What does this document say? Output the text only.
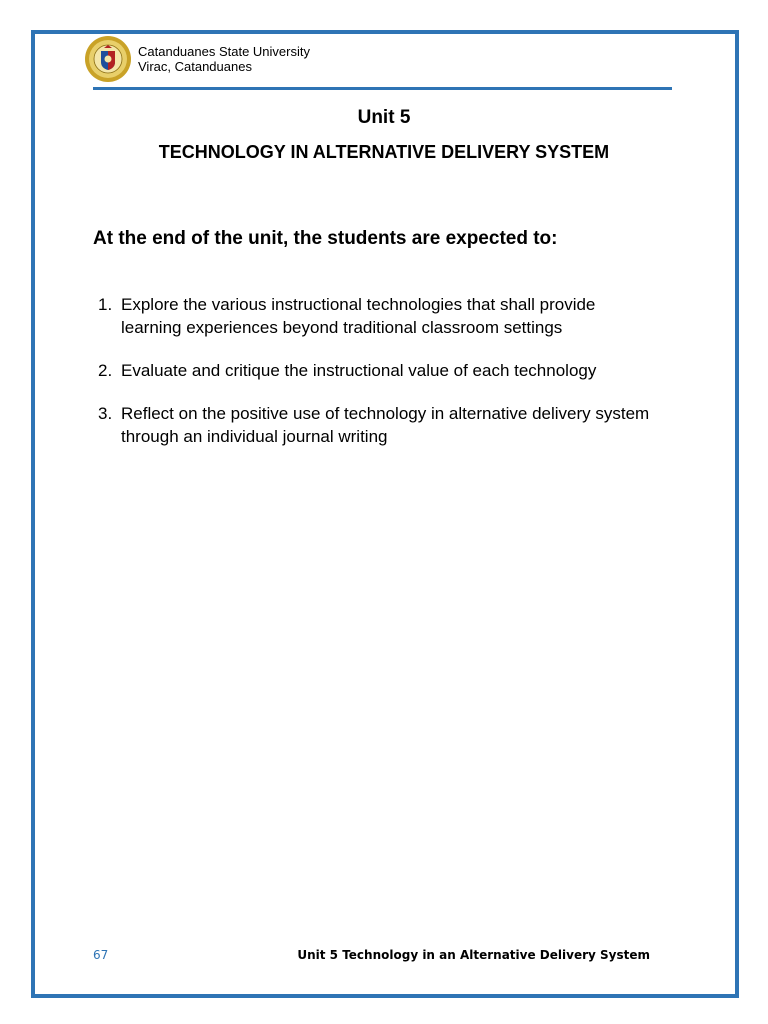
Catanduanes State University
Virac, Catanduanes
Unit 5
TECHNOLOGY IN ALTERNATIVE DELIVERY SYSTEM
At the end of the unit, the students are expected to:
1. Explore the various instructional technologies that shall provide learning experiences beyond traditional classroom settings
2. Evaluate and critique the instructional value of each technology
3. Reflect on the positive use of technology in alternative delivery system through an individual journal writing
67	Unit 5 Technology in an Alternative Delivery System
